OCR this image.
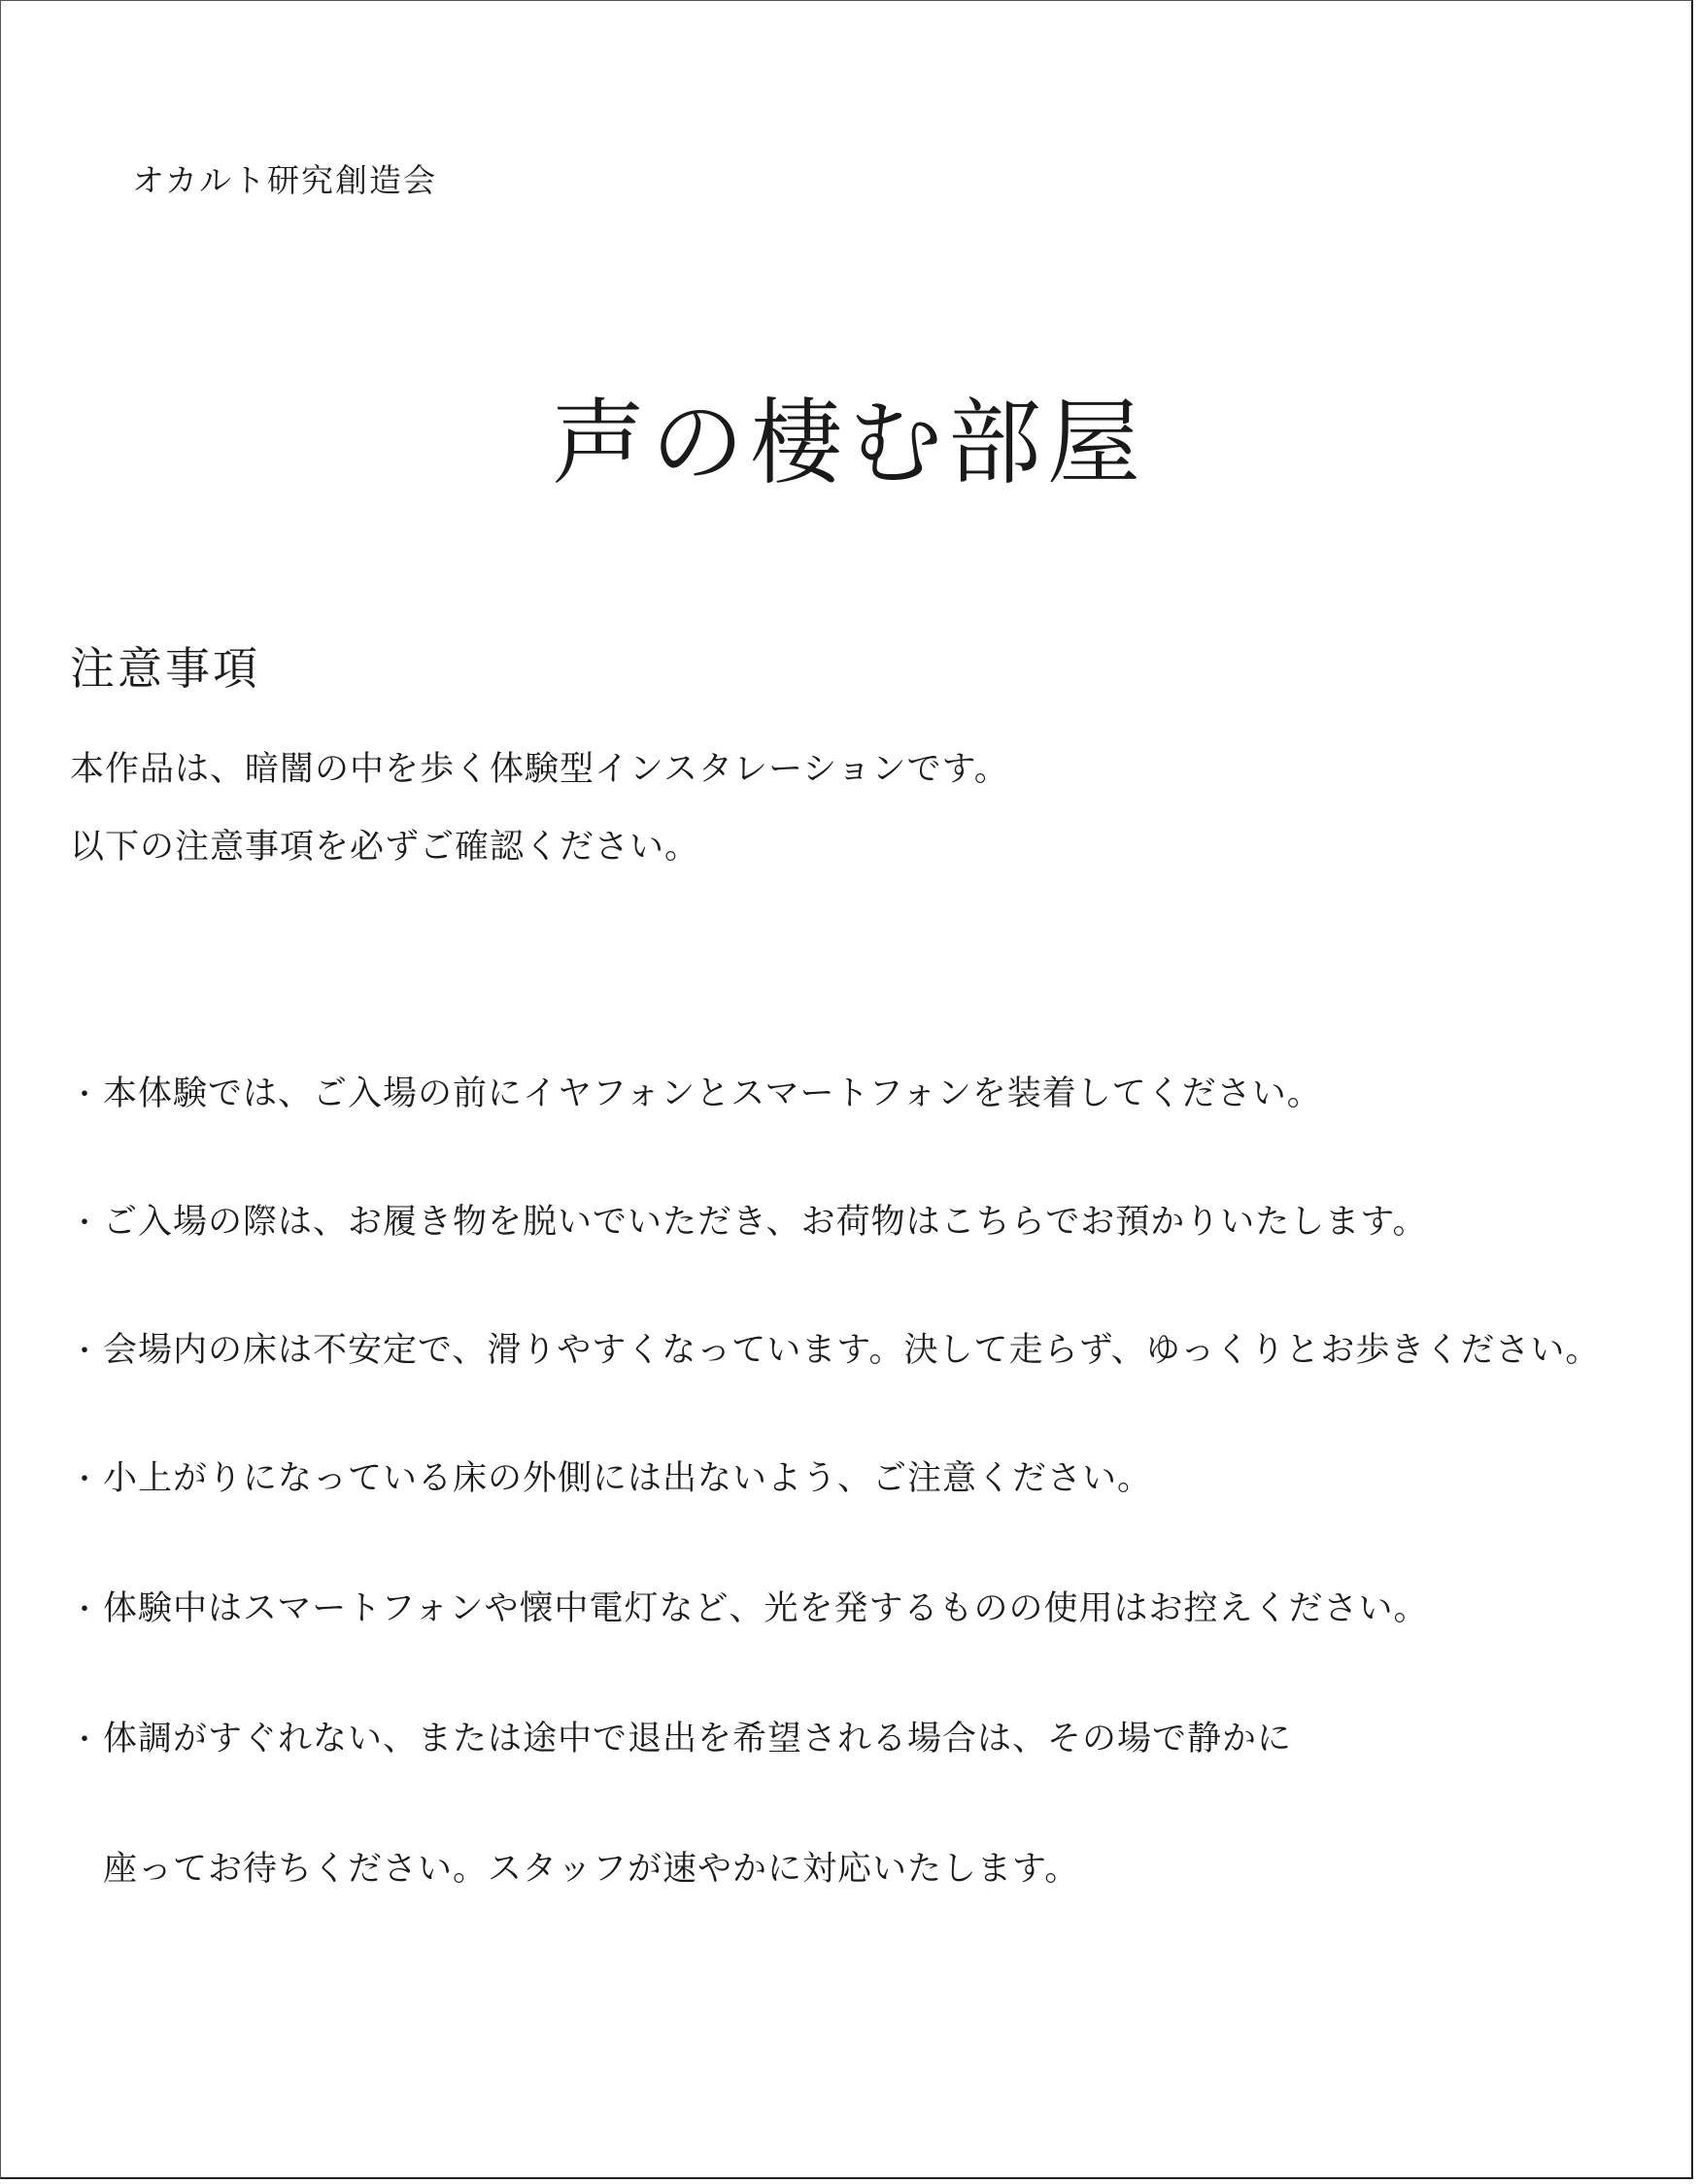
オカルト研究創造会
声の棲む部屋
注意事項
本作品は、暗闇の中を歩く体験型インスタレーションです。
以下の注意事項を必ずご確認ください。
・ 本体験では、ご入場の前にイヤフォンとスマートフォンを装着してください。
・ ご入場の際は、お履き物を脱いでいただき、お荷物はこちらでお預かりいたします。
・ 会場内の床は不安定で、滑りやすくなっています。決して走らず、ゆっくりとお歩きください。
・ 小上がりになっている床の外側には出ないよう、ご注意ください。
・ 体験中はスマートフォンや懐中電灯など、光を発するものの使用はお控えください。
・ 体調がすぐれない、または途中で退出を希望される場合は、その場で静かに
座ってお待ちください。スタッフが速やかに対応いたします。
